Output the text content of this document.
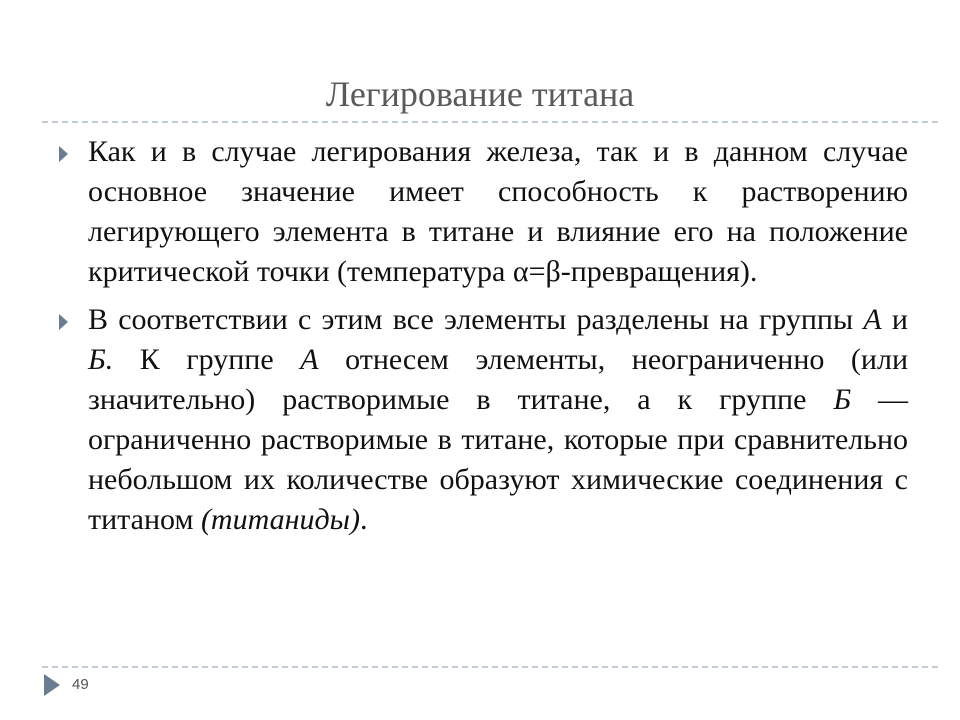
Легирование титана
Как и в случае легирования железа, так и в данном случае основное значение имеет способность к растворению легирующего элемента в титане и влияние его на положение критической точки (температура α=β-превращения).
В соответствии с этим все элементы разделены на группы А и Б. К группе А отнесем элементы, неограниченно (или значительно) растворимые в титане, а к группе Б — ограниченно растворимые в титане, которые при сравнительно небольшом их количестве образуют химические соединения с титаном (титаниды).
49
